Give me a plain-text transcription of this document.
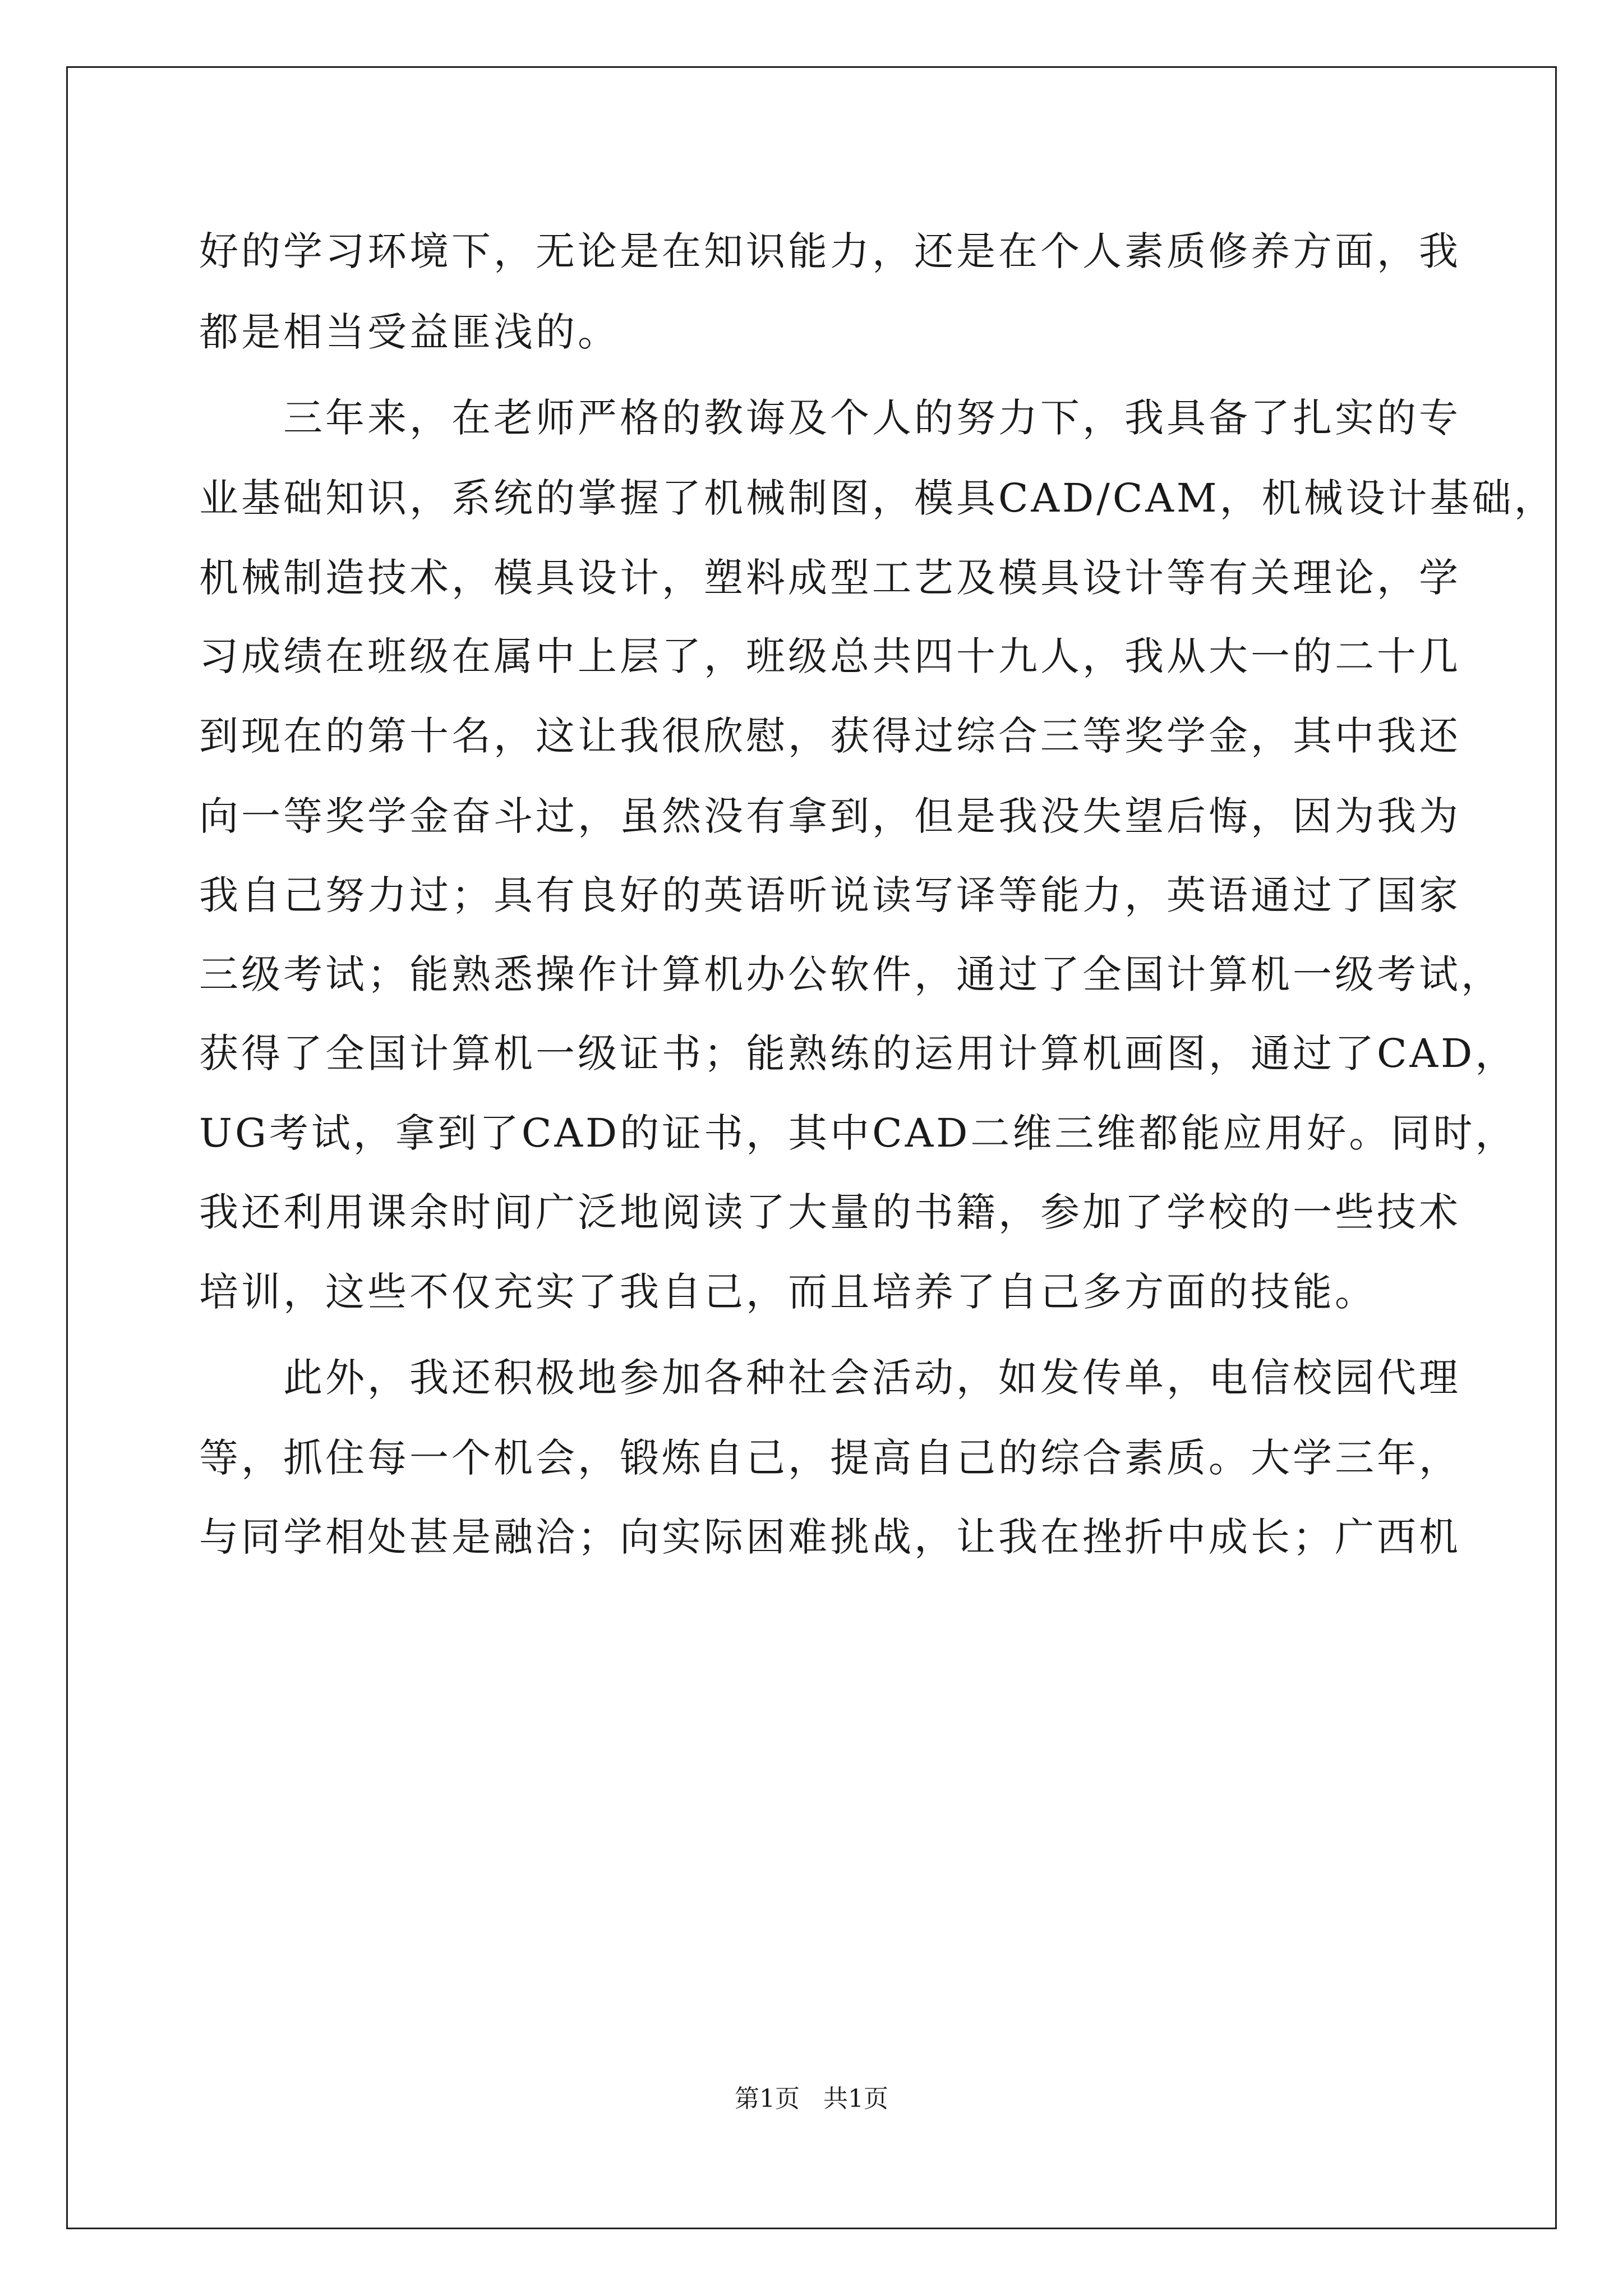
好的学习环境下，无论是在知识能力，还是在个人素质修养方面，我
都是相当受益匪浅的。
　　三年来，在老师严格的教诲及个人的努力下，我具备了扎实的专
业基础知识，系统的掌握了机械制图，模具CAD/CAM，机械设计基础，
机械制造技术，模具设计，塑料成型工艺及模具设计等有关理论，学
习成绩在班级在属中上层了，班级总共四十九人，我从大一的二十几
到现在的第十名，这让我很欣慰，获得过综合三等奖学金，其中我还
向一等奖学金奋斗过，虽然没有拿到，但是我没失望后悔，因为我为
我自己努力过；具有良好的英语听说读写译等能力，英语通过了国家
三级考试；能熟悉操作计算机办公软件，通过了全国计算机一级考试，
获得了全国计算机一级证书；能熟练的运用计算机画图，通过了CAD，
UG考试，拿到了CAD的证书，其中CAD二维三维都能应用好。同时，
我还利用课余时间广泛地阅读了大量的书籍，参加了学校的一些技术
培训，这些不仅充实了我自己，而且培养了自己多方面的技能。
　　此外，我还积极地参加各种社会活动，如发传单，电信校园代理
等，抓住每一个机会，锻炼自己，提高自己的综合素质。大学三年，
与同学相处甚是融洽；向实际困难挑战，让我在挫折中成长；广西机
第1页   共1页
